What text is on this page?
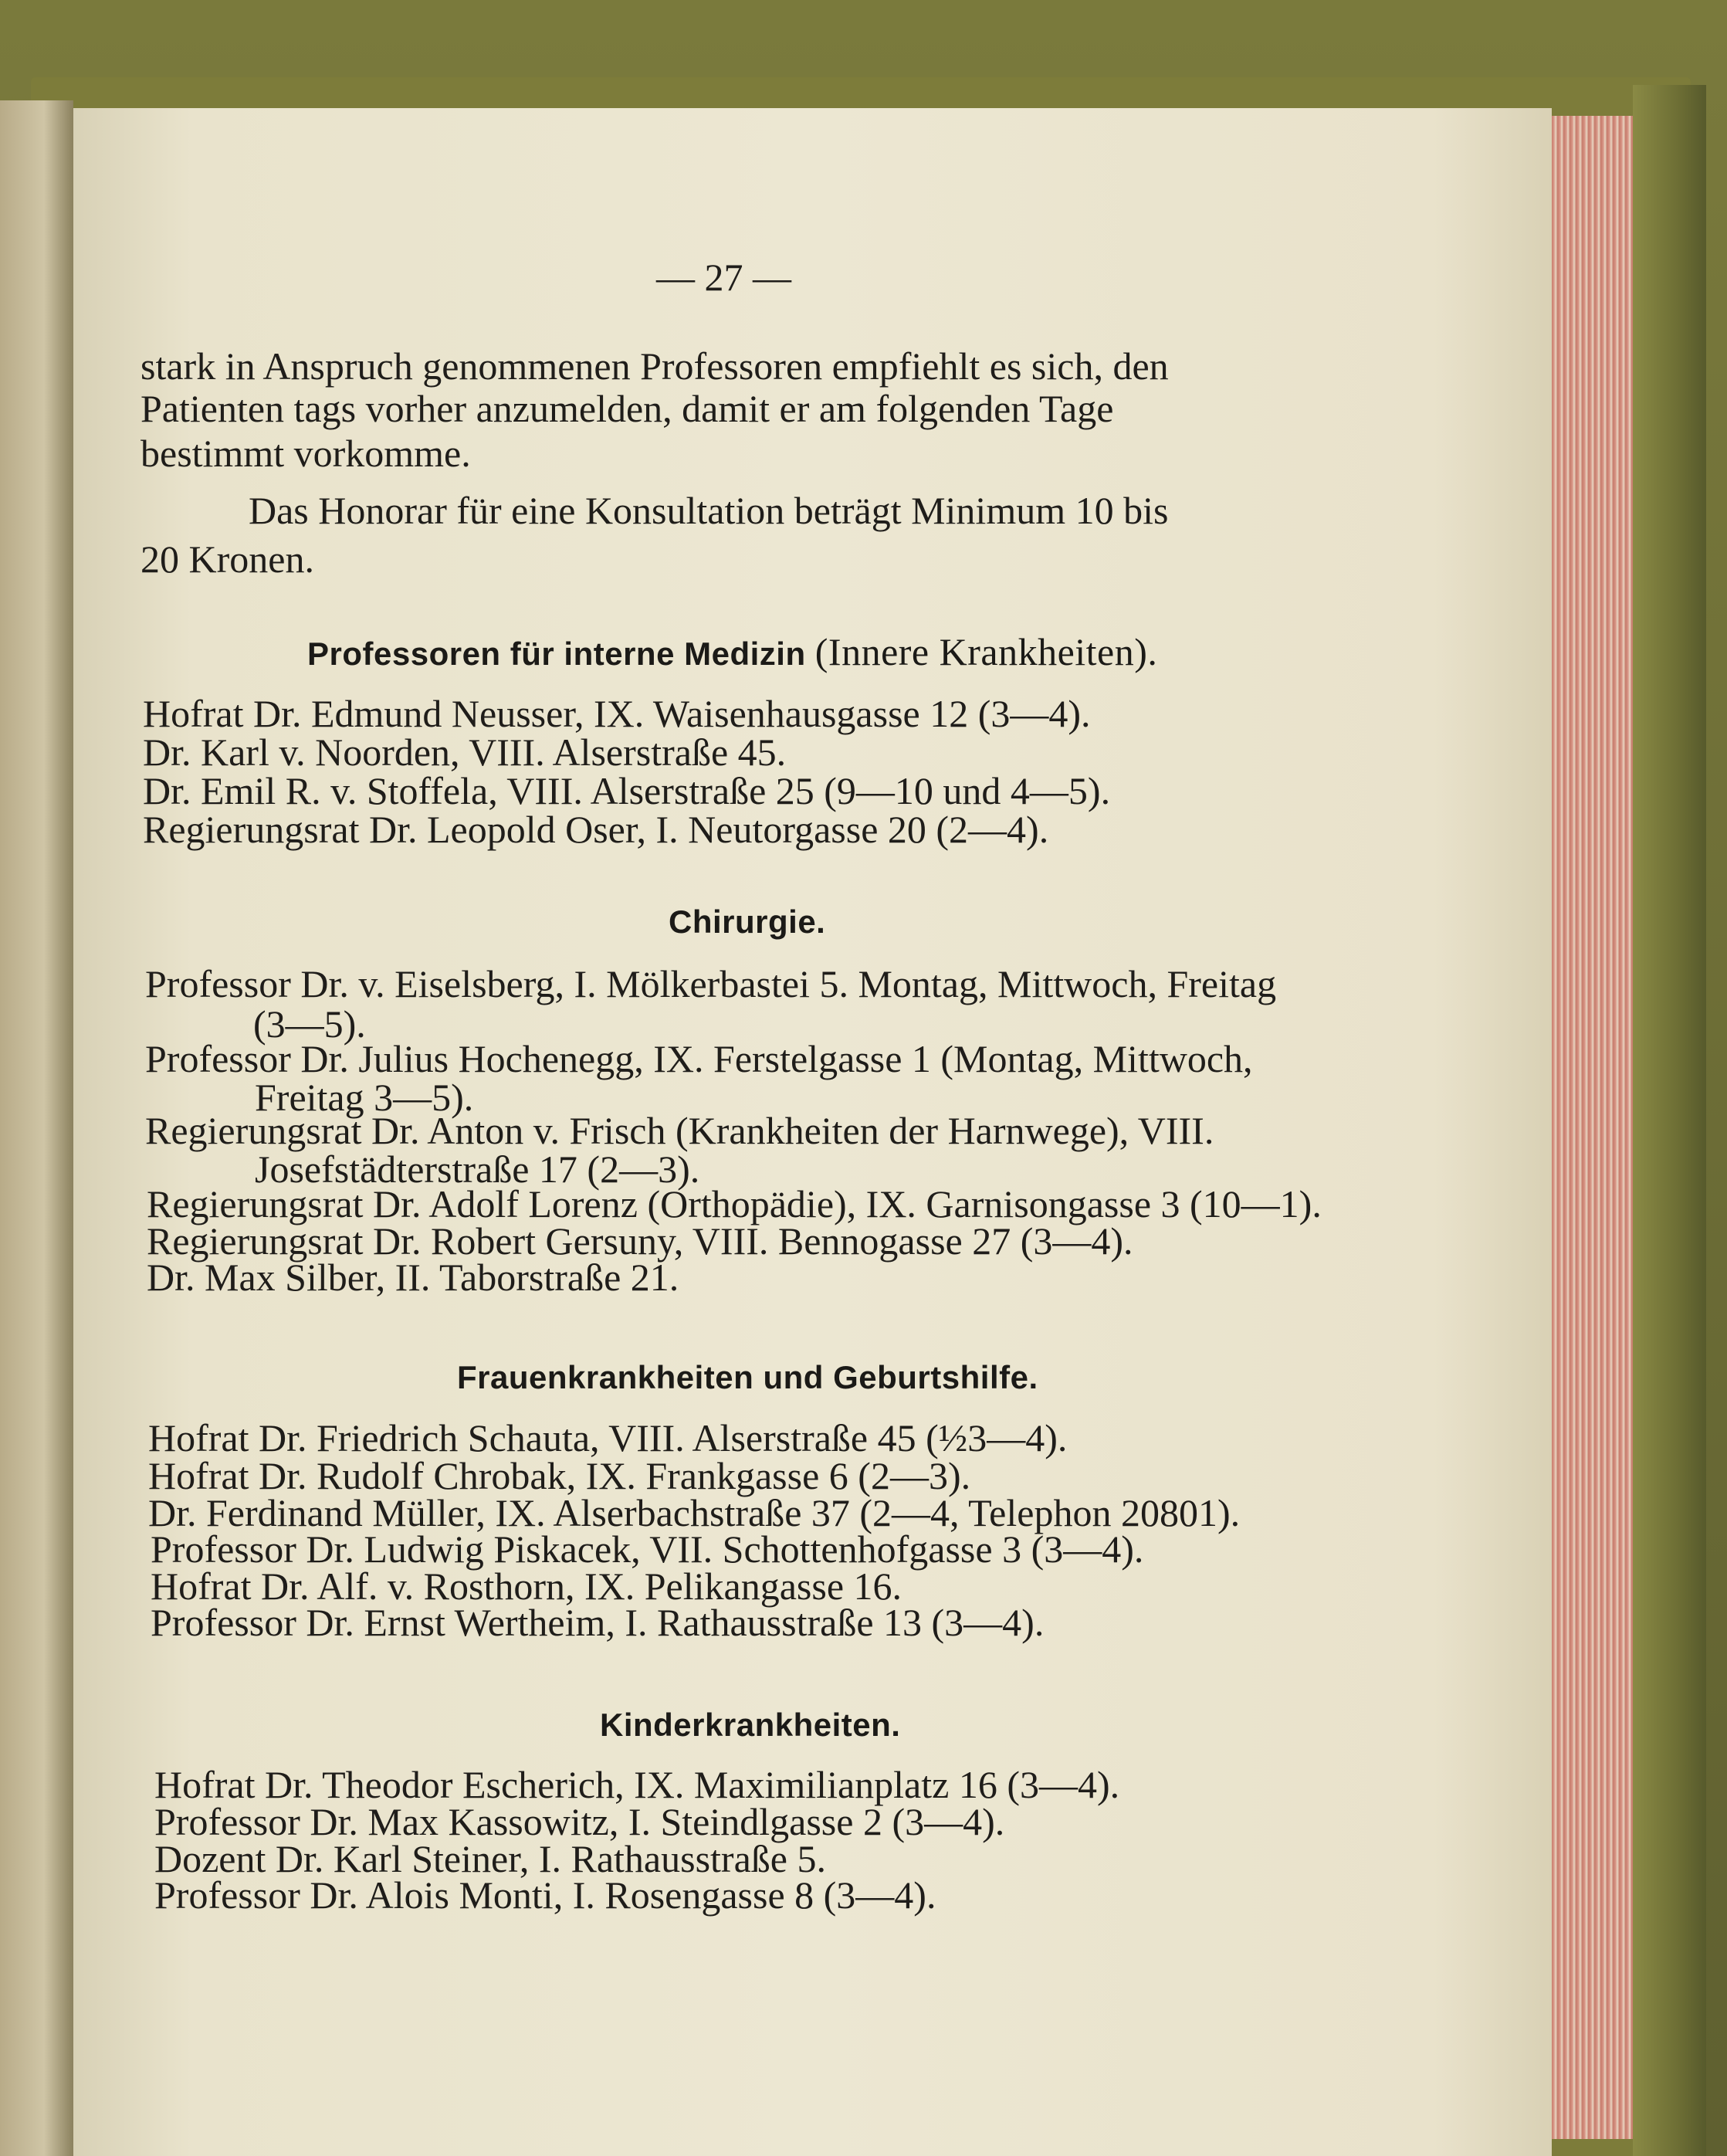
— 27 —
stark in Anspruch genommenen Professoren empfiehlt es sich, den
Patienten tags vorher anzumelden, damit er am folgenden Tage
bestimmt vorkomme.
Das Honorar für eine Konsultation beträgt Minimum 10 bis
20 Kronen.
Professoren für interne Medizin (Innere Krankheiten).
Hofrat Dr. Edmund Neusser, IX. Waisenhausgasse 12 (3—4).
Dr. Karl v. Noorden, VIII. Alserstraße 45.
Dr. Emil R. v. Stoffela, VIII. Alserstraße 25 (9—10 und 4—5).
Regierungsrat Dr. Leopold Oser, I. Neutorgasse 20 (2—4).
Chirurgie.
Professor Dr. v. Eiselsberg, I. Mölkerbastei 5. Montag, Mittwoch, Freitag
(3—5).
Professor Dr. Julius Hochenegg, IX. Ferstelgasse 1 (Montag, Mittwoch,
Freitag 3—5).
Regierungsrat Dr. Anton v. Frisch (Krankheiten der Harnwege), VIII.
Josefstädterstraße 17 (2—3).
Regierungsrat Dr. Adolf Lorenz (Orthopädie), IX. Garnisongasse 3 (10—1).
Regierungsrat Dr. Robert Gersuny, VIII. Bennogasse 27 (3—4).
Dr. Max Silber, II. Taborstraße 21.
Frauenkrankheiten und Geburtshilfe.
Hofrat Dr. Friedrich Schauta, VIII. Alserstraße 45 (½3—4).
Hofrat Dr. Rudolf Chrobak, IX. Frankgasse 6 (2—3).
Dr. Ferdinand Müller, IX. Alserbachstraße 37 (2—4, Telephon 20801).
Professor Dr. Ludwig Piskacek, VII. Schottenhofgasse 3 (3—4).
Hofrat Dr. Alf. v. Rosthorn, IX. Pelikangasse 16.
Professor Dr. Ernst Wertheim, I. Rathausstraße 13 (3—4).
Kinderkrankheiten.
Hofrat Dr. Theodor Escherich, IX. Maximilianplatz 16 (3—4).
Professor Dr. Max Kassowitz, I. Steindlgasse 2 (3—4).
Dozent Dr. Karl Steiner, I. Rathausstraße 5.
Professor Dr. Alois Monti, I. Rosengasse 8 (3—4).
